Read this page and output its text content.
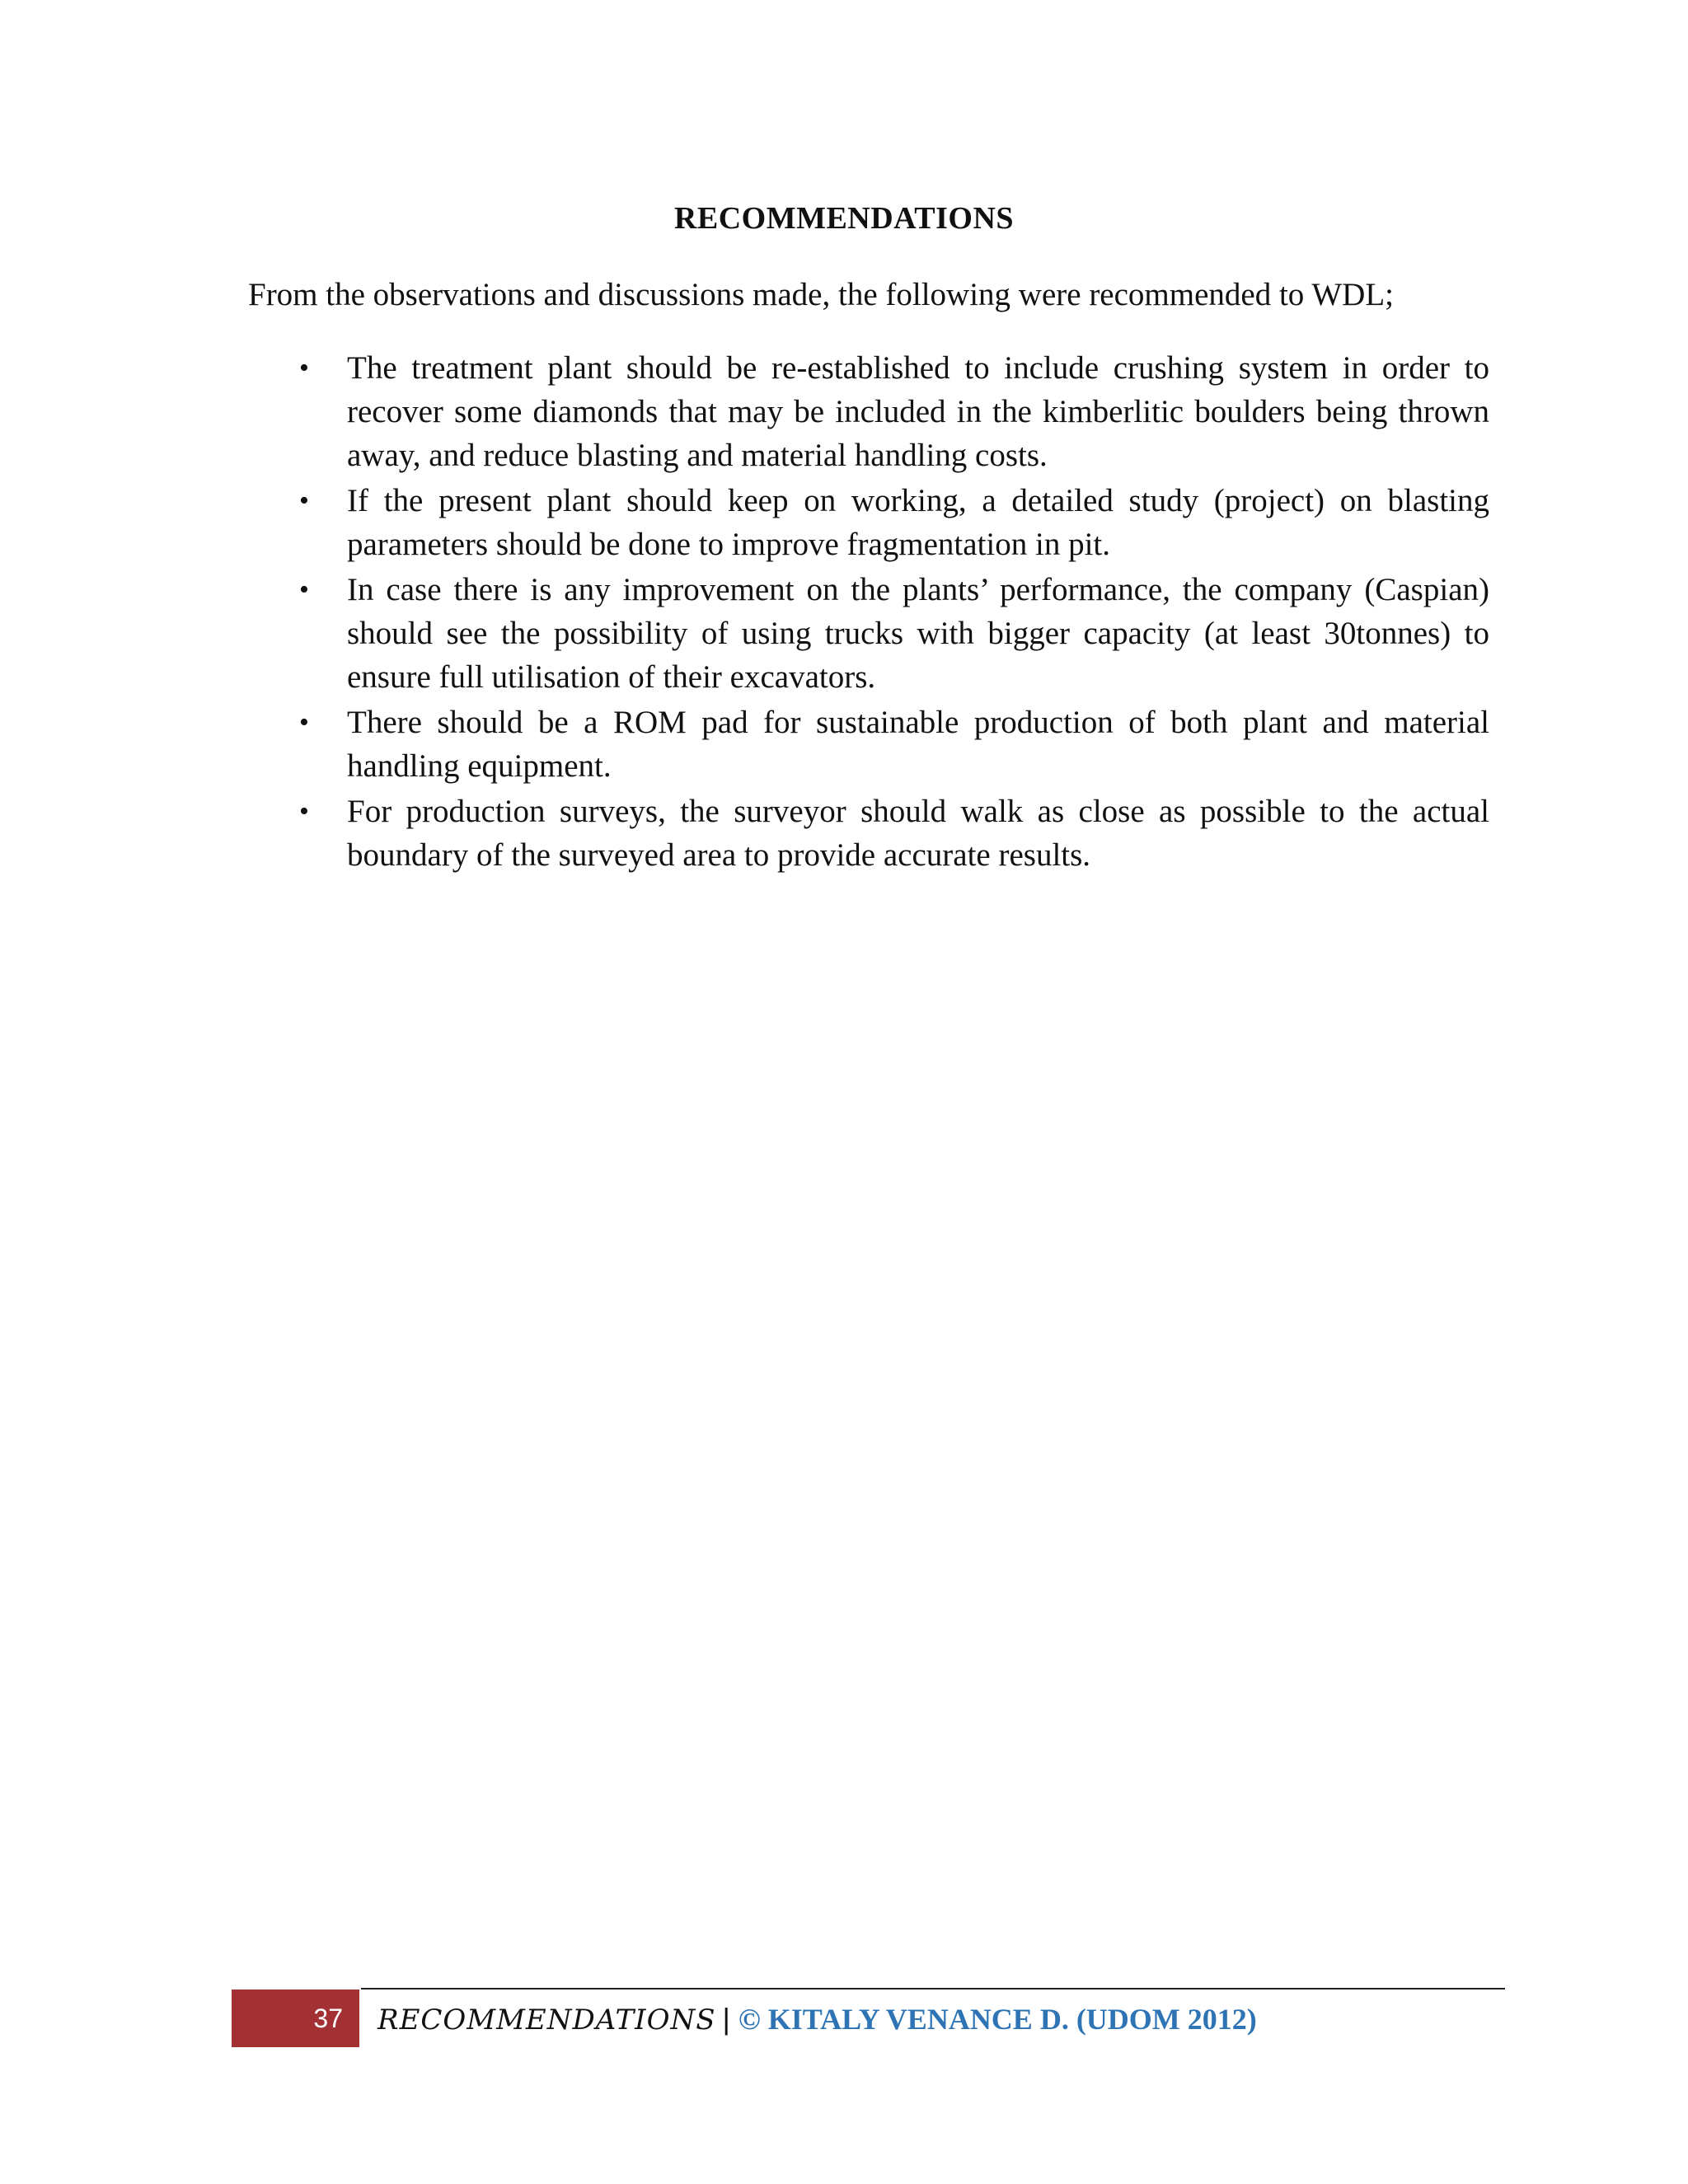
RECOMMENDATIONS
From the observations and discussions made, the following were recommended to WDL;
• The treatment plant should be re-established to include crushing system in order to recover some diamonds that may be included in the kimberlitic boulders being thrown away, and reduce blasting and material handling costs.
• If the present plant should keep on working, a detailed study (project) on blasting parameters should be done to improve fragmentation in pit.
• In case there is any improvement on the plants’ performance, the company (Caspian) should see the possibility of using trucks with bigger capacity (at least 30tonnes) to ensure full utilisation of their excavators.
• There should be a ROM pad for sustainable production of both plant and material handling equipment.
• For production surveys, the surveyor should walk as close as possible to the actual boundary of the surveyed area to provide accurate results.
37	RECOMMENDATIONS | © KITALY VENANCE D. (UDOM 2012)
